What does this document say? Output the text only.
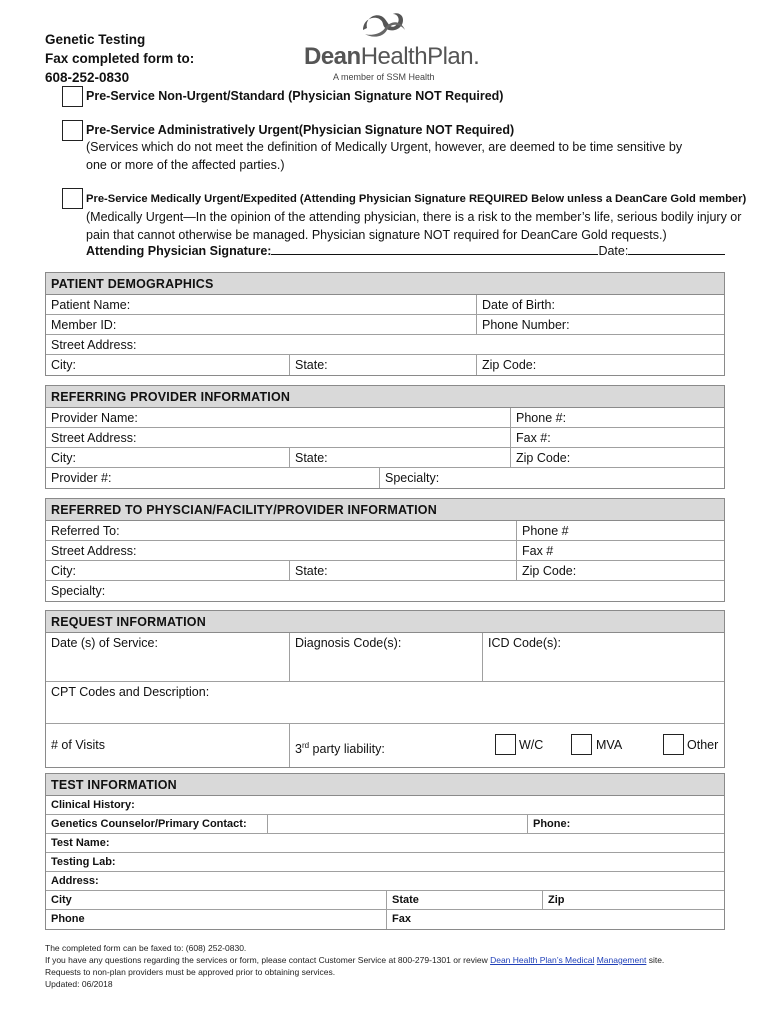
Genetic Testing
Fax completed form to:
608-252-0830
DeanHealthPlan.
A member of SSM Health
Pre-Service Non-Urgent/Standard (Physician Signature NOT Required)
Pre-Service Administratively Urgent(Physician Signature NOT Required)
(Services which do not meet the definition of Medically Urgent, however, are deemed to be time sensitive by
one or more of the affected parties.)
Pre-Service Medically Urgent/Expedited (Attending Physician Signature REQUIRED Below unless a DeanCare Gold member)
(Medically Urgent—In the opinion of the attending physician, there is a risk to the member’s life, serious bodily injury or
pain that cannot otherwise be managed. Physician signature NOT required for DeanCare Gold requests.)
Attending Physician Signature:	Date:
PATIENT DEMOGRAPHICS
Patient Name:	Date of Birth:
Member ID:	Phone Number:
Street Address:
City:	State:	Zip Code:
REFERRING PROVIDER INFORMATION
Provider Name:	Phone #:
Street Address:	Fax #:
City:	State:	Zip Code:
Provider #:	Specialty:
REFERRED TO PHYSCIAN/FACILITY/PROVIDER INFORMATION
Referred To:	Phone #
Street Address:	Fax #
City:	State:	Zip Code:
Specialty:
REQUEST INFORMATION
Date (s) of Service:	Diagnosis Code(s):	ICD Code(s):
CPT Codes and Description:
# of Visits	3rd party liability:	W/C	MVA	Other
TEST INFORMATION
Clinical History:
Genetics Counselor/Primary Contact:	Phone:
Test Name:
Testing Lab:
Address:
City	State	Zip
Phone	Fax
The completed form can be faxed to: (608) 252-0830.
If you have any questions regarding the services or form, please contact Customer Service at 800-279-1301 or review Dean Health Plan’s Medical Management site.
Requests to non-plan providers must be approved prior to obtaining services.
Updated: 06/2018
